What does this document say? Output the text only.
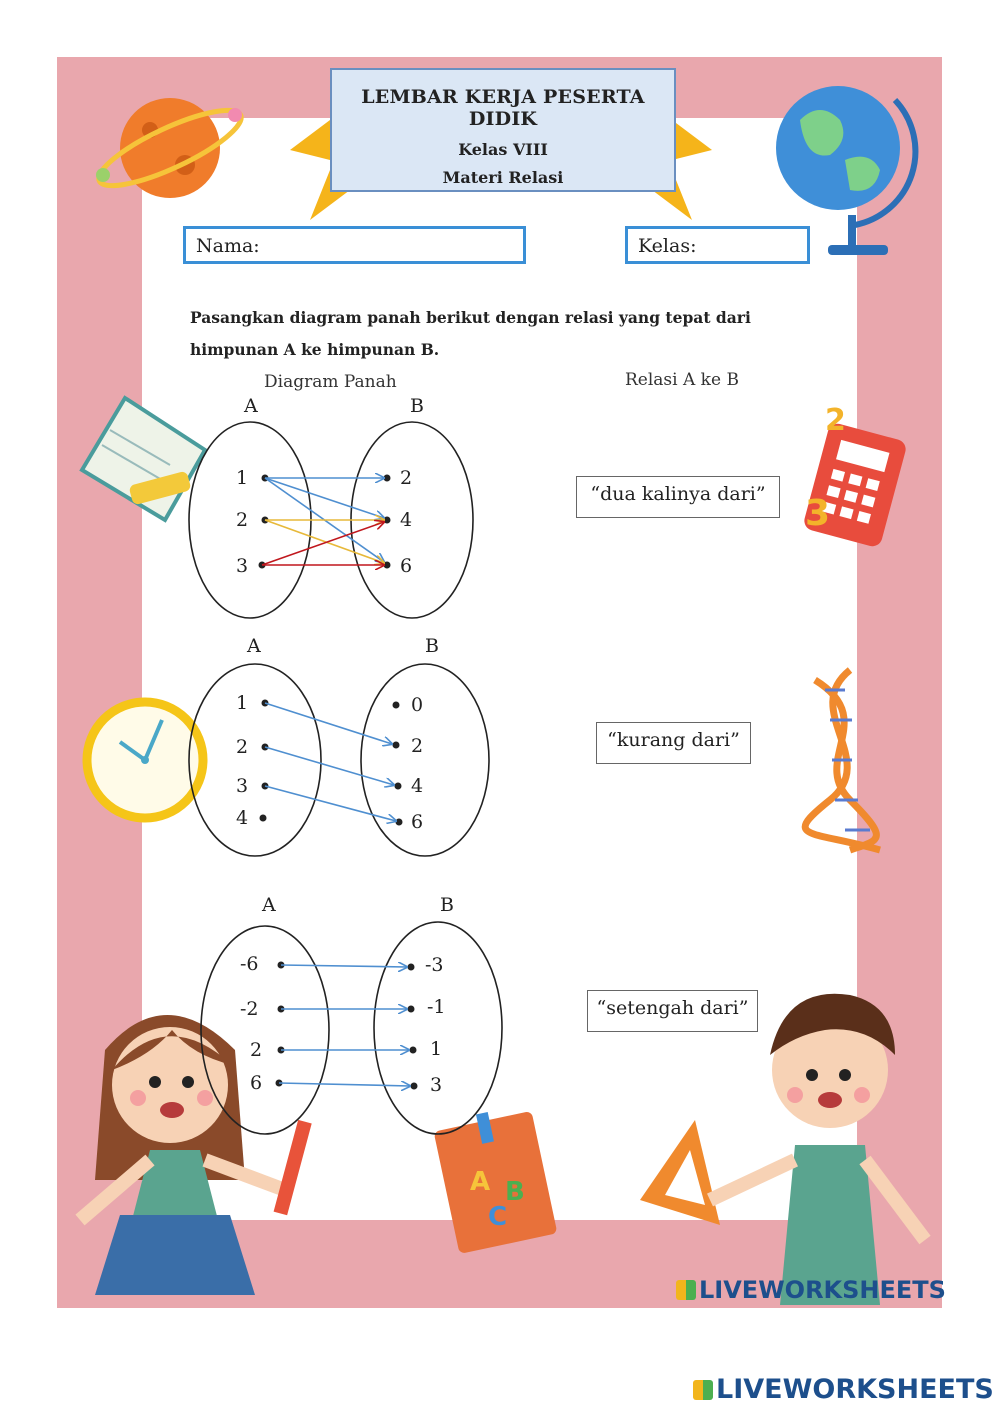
3
2
A B
C
LEMBAR KERJA PESERTA DIDIK
Kelas VIII
Materi Relasi
Nama:	Kelas:
Pasangkan diagram panah berikut dengan relasi yang tepat dari himpunan A ke himpunan B.
Diagram Panah	Relasi A ke B
A	B
1
2
3
2
4
6
A	B
1
2
3
4
0
2
4
6
A	B
-6
-2
2
6
-3
-1
1
3
“dua kalinya dari”
“kurang dari”
“setengah dari”
LIVEWORKSHEETS
LIVEWORKSHEETS
